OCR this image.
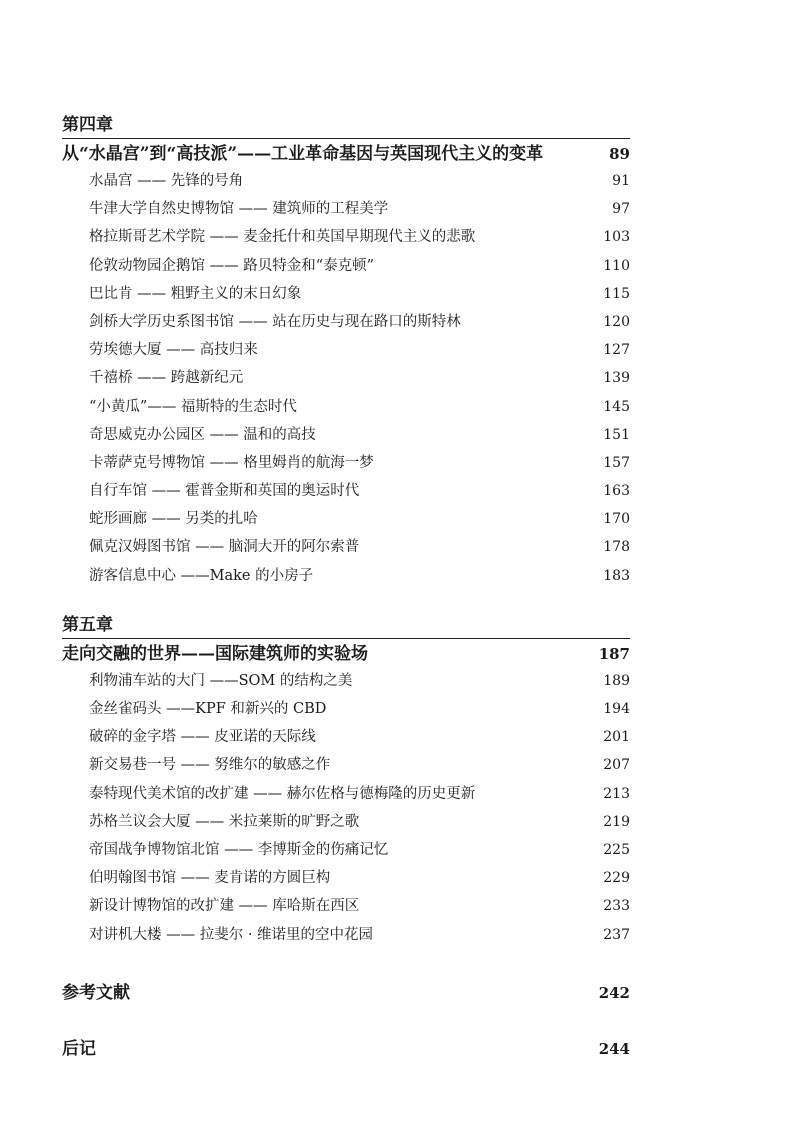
第四章
从“水晶宫”到“高技派”——工业革命基因与英国现代主义的变革	89
水晶宫 —— 先锋的号角	91
牛津大学自然史博物馆 —— 建筑师的工程美学	97
格拉斯哥艺术学院 —— 麦金托什和英国早期现代主义的悲歌	103
伦敦动物园企鹅馆 —— 路贝特金和“泰克顿”	110
巴比肯 —— 粗野主义的末日幻象	115
剑桥大学历史系图书馆 —— 站在历史与现在路口的斯特林	120
劳埃德大厦 —— 高技归来	127
千禧桥 —— 跨越新纪元	139
“小黄瓜”—— 福斯特的生态时代	145
奇思威克办公园区 —— 温和的高技	151
卡蒂萨克号博物馆 —— 格里姆肖的航海一梦	157
自行车馆 —— 霍普金斯和英国的奥运时代	163
蛇形画廊 —— 另类的扎哈	170
佩克汉姆图书馆 —— 脑洞大开的阿尔索普	178
游客信息中心 ——Make 的小房子	183
第五章
走向交融的世界——国际建筑师的实验场	187
利物浦车站的大门 ——SOM 的结构之美	189
金丝雀码头 ——KPF 和新兴的 CBD	194
破碎的金字塔 —— 皮亚诺的天际线	201
新交易巷一号 —— 努维尔的敏感之作	207
泰特现代美术馆的改扩建 —— 赫尔佐格与德梅隆的历史更新	213
苏格兰议会大厦 —— 米拉莱斯的旷野之歌	219
帝国战争博物馆北馆 —— 李博斯金的伤痛记忆	225
伯明翰图书馆 —— 麦肯诺的方圆巨构	229
新设计博物馆的改扩建 —— 库哈斯在西区	233
对讲机大楼 —— 拉斐尔 · 维诺里的空中花园	237
参考文献	242
后记	244
